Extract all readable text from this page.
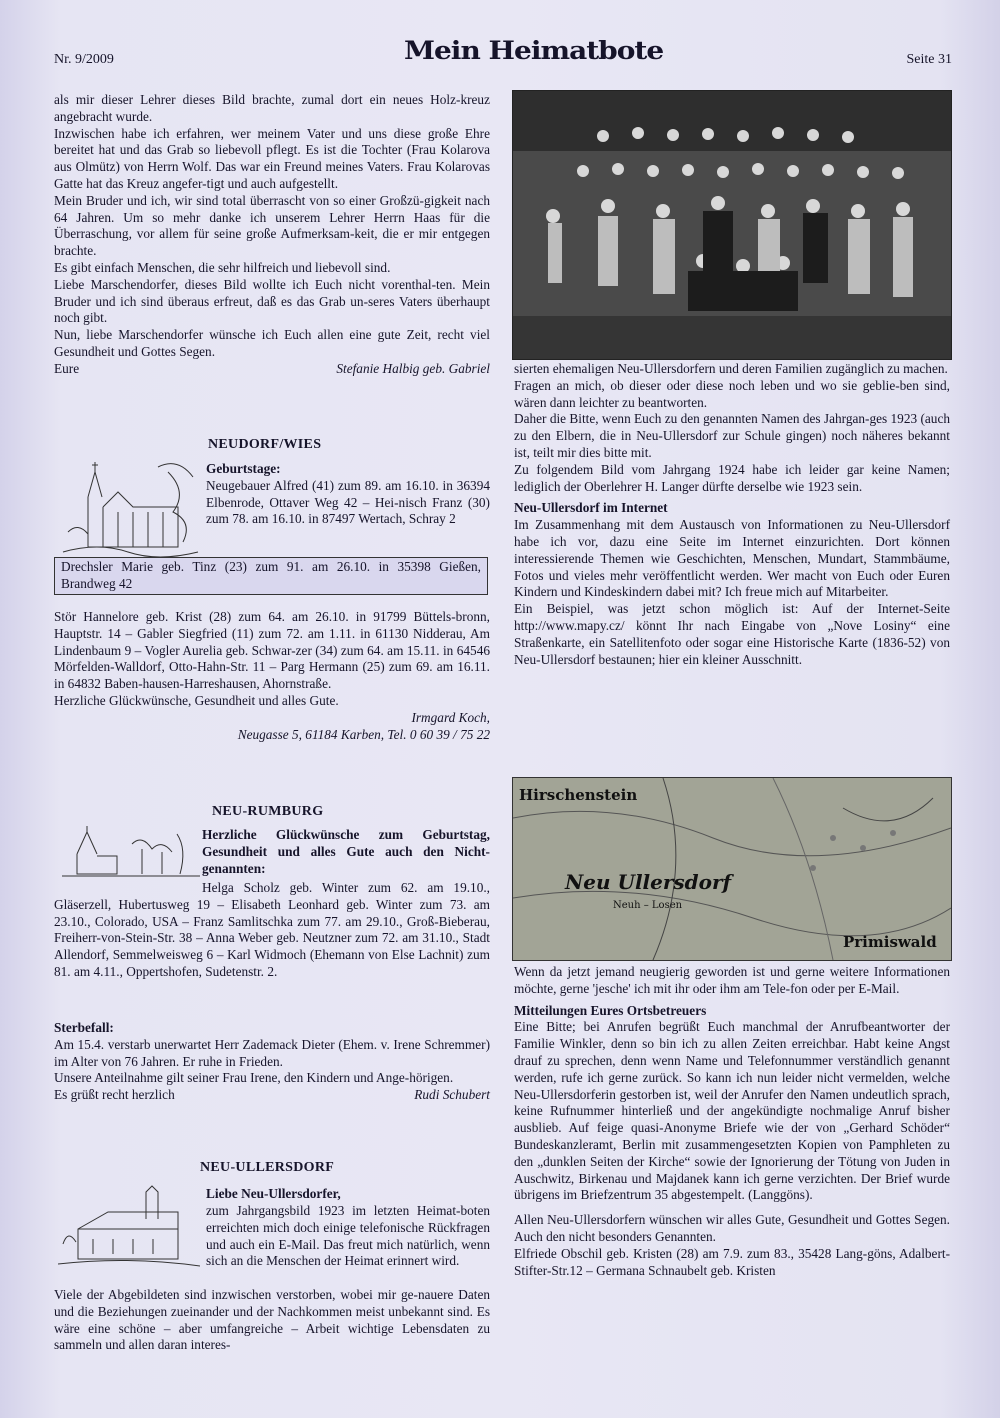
Nr. 9/2009	Mein Heimatbote	Seite 31

als mir dieser Lehrer dieses Bild brachte, zumal dort ein neues Holz-kreuz angebracht wurde.

Inzwischen habe ich erfahren, wer meinem Vater und uns diese große Ehre bereitet hat und das Grab so liebevoll pflegt. Es ist die Tochter (Frau Kolarova aus Olmütz) von Herrn Wolf. Das war ein Freund meines Vaters. Frau Kolarovas Gatte hat das Kreuz angefer-tigt und auch aufgestellt.

Mein Bruder und ich, wir sind total überrascht von so einer Großzü-gigkeit nach 64 Jahren. Um so mehr danke ich unserem Lehrer Herrn Haas für die Überraschung, vor allem für seine große Aufmerksam-keit, die er mir entgegen brachte.

Es gibt einfach Menschen, die sehr hilfreich und liebevoll sind.

Liebe Marschendorfer, dieses Bild wollte ich Euch nicht vorenthal-ten. Mein Bruder und ich sind überaus erfreut, daß es das Grab un-seres Vaters überhaupt noch gibt.

Nun, liebe Marschendorfer wünsche ich Euch allen eine gute Zeit, recht viel Gesundheit und Gottes Segen.

Eure	Stefanie Halbig geb. Gabriel
NEUDORF/WIES

Geburtstage:

Neugebauer Alfred (41) zum 89. am 16.10. in 36394 Elbenrode, Ottaver Weg 42 – Hei-nisch Franz (30) zum 78. am 16.10. in 87497 Wertach, Schray 2

Drechsler Marie geb. Tinz (23) zum 91. am 26.10. in 35398 Gießen, Brandweg 42

Stör Hannelore geb. Krist (28) zum 64. am 26.10. in 91799 Büttels-bronn, Hauptstr. 14 – Gabler Siegfried (11) zum 72. am 1.11. in 61130 Nidderau, Am Lindenbaum 9 – Vogler Aurelia geb. Schwar-zer (34) zum 64. am 15.11. in 64546 Mörfelden-Walldorf, Otto-Hahn-Str. 11 – Parg Hermann (25) zum 69. am 16.11. in 64832 Baben-hausen-Harreshausen, Ahornstraße.

Herzliche Glückwünsche, Gesundheit und alles Gute.

Irmgard Koch,

Neugasse 5, 61184 Karben, Tel. 0 60 39 / 75 22

NEU-RUMBURG
Herzliche Glückwünsche zum Geburtstag, Gesundheit und alles Gute auch den Nicht-genannten:
Helga Scholz geb. Winter zum 62. am 19.10., Gläserzell, Hubertusweg 19 – Elisabeth Leonhard geb. Winter zum 73. am 23.10., Colorado, USA – Franz Samlitschka zum 77. am 29.10., Groß-Bieberau, Freiherr-von-Stein-Str. 38 – Anna Weber geb. Neutzner zum 72. am 31.10., Stadt Allendorf, Semmelweisweg 6 – Karl Widmoch (Ehemann von Else Lachnit) zum 81. am 4.11., Oppertshofen, Sudetenstr. 2.

Sterbefall:

Am 15.4. verstarb unerwartet Herr Zademack Dieter (Ehem. v. Irene Schremmer) im Alter von 76 Jahren. Er ruhe in Frieden.

Unsere Anteilnahme gilt seiner Frau Irene, den Kindern und Ange-hörigen.

Es grüßt recht herzlich	Rudi Schubert
NEU-ULLERSDORF
Liebe Neu-Ullersdorfer,
zum Jahrgangsbild 1923 im letzten Heimat-boten erreichten mich doch einige telefonische Rückfragen und auch ein E-Mail. Das freut mich natürlich, wenn sich an die Menschen der Heimat erinnert wird.
Viele der Abgebildeten sind inzwischen verstorben, wobei mir ge-nauere Daten und die Beziehungen zueinander und der Nachkommen meist unbekannt sind. Es wäre eine schöne – aber umfangreiche – Arbeit wichtige Lebensdaten zu sammeln und allen daran interes-

sierten ehemaligen Neu-Ullersdorfern und deren Familien zugänglich zu machen.

Fragen an mich, ob dieser oder diese noch leben und wo sie geblie-ben sind, wären dann leichter zu beantworten.

Daher die Bitte, wenn Euch zu den genannten Namen des Jahrgan-ges 1923 (auch zu den Elbern, die in Neu-Ullersdorf zur Schule gingen) noch näheres bekannt ist, teilt mir dies bitte mit.

Zu folgendem Bild vom Jahrgang 1924 habe ich leider gar keine Namen; lediglich der Oberlehrer H. Langer dürfte derselbe wie 1923 sein.

Neu-Ullersdorf im Internet

Im Zusammenhang mit dem Austausch von Informationen zu Neu-Ullersdorf habe ich vor, dazu eine Seite im Internet einzurichten. Dort können interessierende Themen wie Geschichten, Menschen, Mundart, Stammbäume, Fotos und vieles mehr veröffentlicht werden. Wer macht von Euch oder Euren Kindern und Kindeskindern dabei mit? Ich freue mich auf Mitarbeiter.

Ein Beispiel, was jetzt schon möglich ist: Auf der Internet-Seite http://www.mapy.cz/ könnt Ihr nach Eingabe von „Nove Losiny“ eine Straßenkarte, ein Satellitenfoto oder sogar eine Historische Karte (1836-52) von Neu-Ullersdorf bestaunen; hier ein kleiner Ausschnitt.

Hirschenstein
Neu Ullersdorf
Neuh – Losen
Primiswald

Wenn da jetzt jemand neugierig geworden ist und gerne weitere Informationen möchte, gerne 'jesche' ich mit ihr oder ihm am Tele-fon oder per E-Mail.

Mitteilungen Eures Ortsbetreuers

Eine Bitte; bei Anrufen begrüßt Euch manchmal der Anrufbeantworter der Familie Winkler, denn so bin ich zu allen Zeiten erreichbar. Habt keine Angst drauf zu sprechen, denn wenn Name und Telefonnummer verständlich genannt werden, rufe ich gerne zurück. So kann ich nun leider nicht vermelden, welche Neu-Ullersdorferin gestorben ist, weil der Anrufer den Namen undeutlich sprach, keine Rufnummer hinterließ und der angekündigte nochmalige Anruf bisher ausblieb. Auf feige quasi-Anonyme Briefe wie der von „Gerhard Schöder“ Bundeskanzleramt, Berlin mit zusammengesetzten Kopien von Pamphleten zu den „dunklen Seiten der Kirche“ sowie der Ignorierung der Tötung von Juden in Auschwitz, Birkenau und Majdanek kann ich gerne verzichten. Der Brief wurde übrigens im Briefzentrum 35 abgestempelt. (Langgöns).

Allen Neu-Ullersdorfern wünschen wir alles Gute, Gesundheit und Gottes Segen. Auch den nicht besonders Genannten.

Elfriede Obschil geb. Kristen (28) am 7.9. zum 83., 35428 Lang-göns, Adalbert-Stifter-Str.12 – Germana Schnaubelt geb. Kristen
